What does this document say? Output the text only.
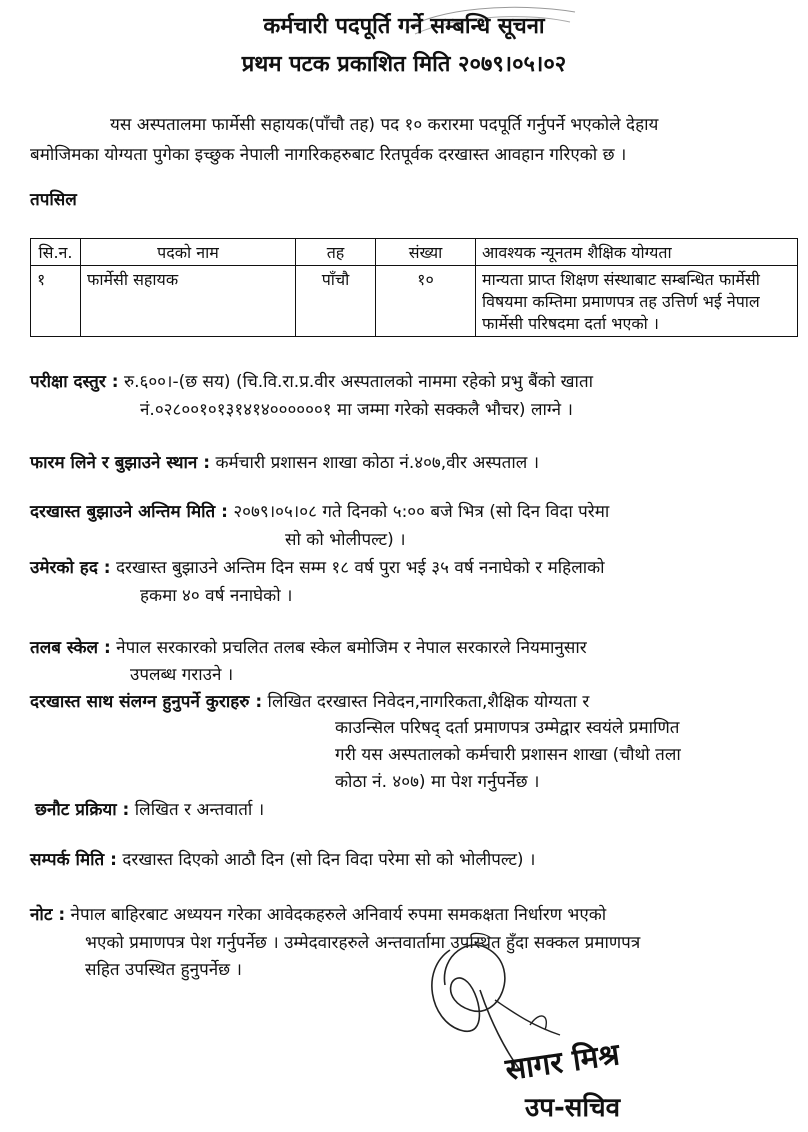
कर्मचारी पदपूर्ति गर्ने सम्बन्धि सूचना
प्रथम पटक प्रकाशित मिति २०७९।०५।०२
यस अस्पतालमा फार्मेसी सहायक(पाँचौ तह) पद १० करारमा पदपूर्ति गर्नुपर्ने भएकोले देहाय
बमोजिमका योग्यता पुगेका इच्छुक नेपाली नागरिकहरुबाट रितपूर्वक दरखास्त आवहान गरिएको छ ।
तपसिल
सि.न.	पदको नाम	तह	संख्या	आवश्यक न्यूनतम शैक्षिक योग्यता
१	फार्मेसी सहायक	पाँचौ	१०	मान्यता प्राप्त शिक्षण संस्थाबाट सम्बन्धित फार्मेसी
विषयमा कम्तिमा प्रमाणपत्र तह उत्तिर्ण भई नेपाल
फार्मेसी परिषदमा दर्ता भएको ।
परीक्षा दस्तुर : रु.६००।-(छ सय) (चि.वि.रा.प्र.वीर अस्पतालको नाममा रहेको प्रभु बैंको खाता
नं.०२८००१०१३१४१४००००००१ मा जम्मा गरेको सक्कलै भौचर) लाग्ने ।
फारम लिने र बुझाउने स्थान : कर्मचारी प्रशासन शाखा कोठा नं.४०७,वीर अस्पताल ।
दरखास्त बुझाउने अन्तिम मिति : २०७९।०५।०८ गते दिनको ५:०० बजे भित्र (सो दिन विदा परेमा
सो को भोलीपल्ट) ।
उमेरको हद : दरखास्त बुझाउने अन्तिम दिन सम्म १८ वर्ष पुरा भई ३५ वर्ष ननाघेको र महिलाको
हकमा ४० वर्ष ननाघेको ।
तलब स्केल : नेपाल सरकारको प्रचलित तलब स्केल बमोजिम र नेपाल सरकारले नियमानुसार
उपलब्ध गराउने ।
दरखास्त साथ संलग्न हुनुपर्ने कुराहरु : लिखित दरखास्त निवेदन,नागरिकता,शैक्षिक योग्यता र
काउन्सिल परिषद् दर्ता प्रमाणपत्र उम्मेद्वार स्वयंले प्रमाणित
गरी यस अस्पतालको कर्मचारी प्रशासन शाखा (चौथो तला
कोठा नं. ४०७) मा पेश गर्नुपर्नेछ ।
छनौट प्रक्रिया : लिखित र अन्तवार्ता ।
सम्पर्क मिति : दरखास्त दिएको आठौ दिन (सो दिन विदा परेमा सो को भोलीपल्ट) ।
नोट : नेपाल बाहिरबाट अध्ययन गरेका आवेदकहरुले अनिवार्य रुपमा समकक्षता निर्धारण भएको
भएको प्रमाणपत्र पेश गर्नुपर्नेछ । उम्मेदवारहरुले अन्तवार्तामा उपस्थित हुँदा सक्कल प्रमाणपत्र
सहित उपस्थित हुनुपर्नेछ ।
सागर मिश्र
उप-सचिव
